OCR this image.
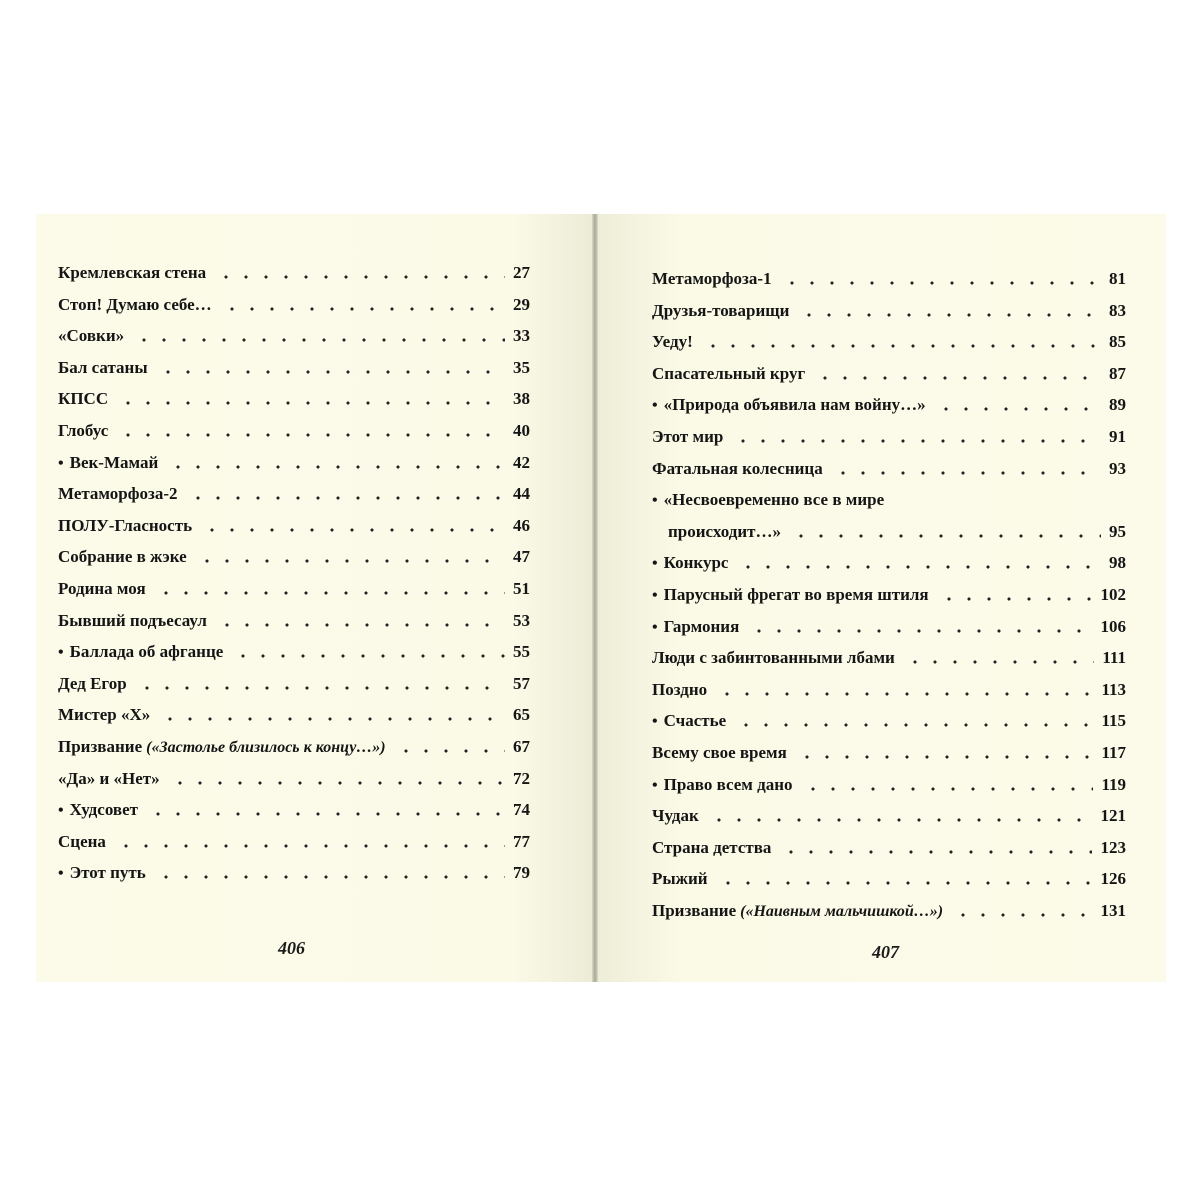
406
Кремлевская стена	27
Стоп! Думаю себе…	29
«Совки»	33
Бал сатаны	35
КПСС	38
Глобус	40
• Век-Мамай	42
Метаморфоза-2	44
ПОЛУ-Гласность	46
Собрание в жэке	47
Родина моя	51
Бывший подъесаул	53
• Баллада об афганце	55
Дед Егор	57
Мистер «Х»	65
Призвание («Застолье близилось к концу…»)	67
«Да» и «Нет»	72
• Худсовет	74
Сцена	77
• Этот путь	79
407
Метаморфоза-1	81
Друзья-товарищи	83
Уеду!	85
Спасательный круг	87
• «Природа объявила нам войну…»	89
Этот мир	91
Фатальная колесница	93
• «Несвоевременно все в мире
происходит…»	95
• Конкурс	98
• Парусный фрегат во время штиля	102
• Гармония	106
Люди с забинтованными лбами	111
Поздно	113
• Счастье	115
Всему свое время	117
• Право всем дано	119
Чудак	121
Страна детства	123
Рыжий	126
Призвание («Наивным мальчишкой…»)	131
